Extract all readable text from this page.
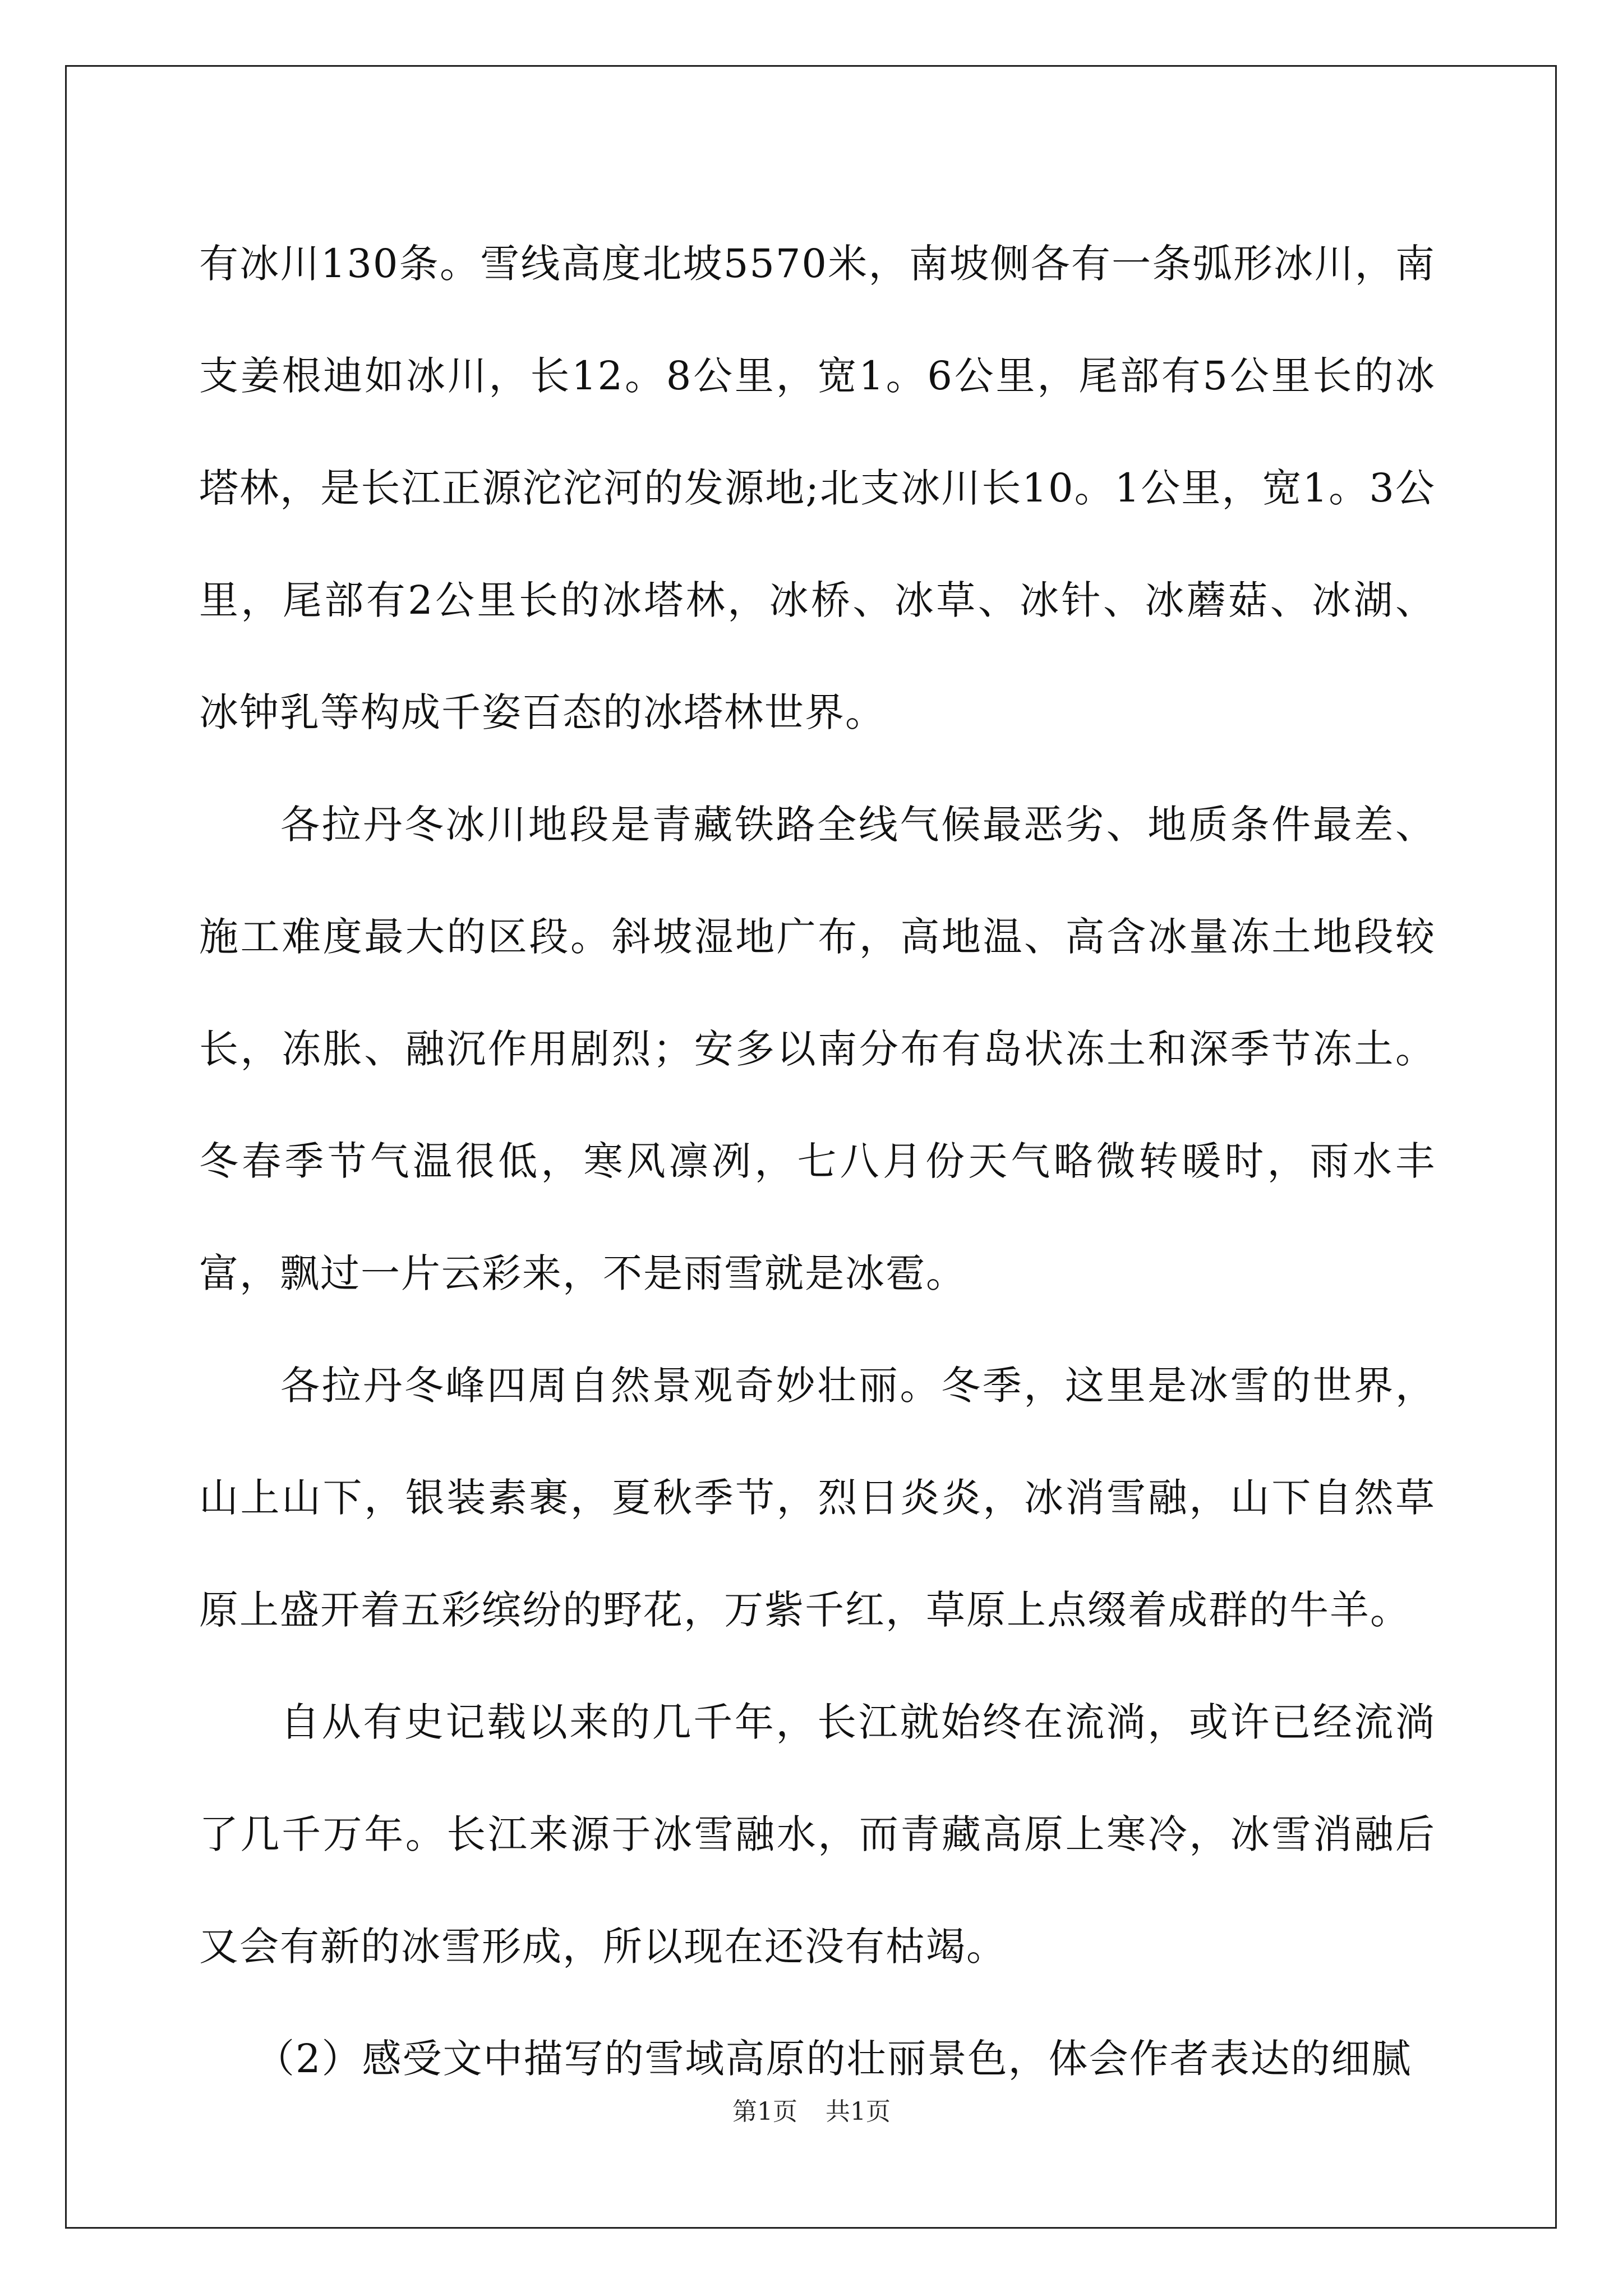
有冰川130条。雪线高度北坡5570米，南坡侧各有一条弧形冰川，南支姜根迪如冰川，长12。8公里，宽1。6公里，尾部有5公里长的冰塔林，是长江正源沱沱河的发源地;北支冰川长10。1公里，宽1。3公里，尾部有2公里长的冰塔林，冰桥、冰草、冰针、冰蘑菇、冰湖、冰钟乳等构成千姿百态的冰塔林世界。

各拉丹冬冰川地段是青藏铁路全线气候最恶劣、地质条件最差、施工难度最大的区段。斜坡湿地广布，高地温、高含冰量冻土地段较长，冻胀、融沉作用剧烈；安多以南分布有岛状冻土和深季节冻土。冬春季节气温很低，寒风凛冽，七八月份天气略微转暖时，雨水丰富，飘过一片云彩来，不是雨雪就是冰雹。

各拉丹冬峰四周自然景观奇妙壮丽。冬季，这里是冰雪的世界，山上山下，银装素裹，夏秋季节，烈日炎炎，冰消雪融，山下自然草原上盛开着五彩缤纷的野花，万紫千红，草原上点缀着成群的牛羊。

自从有史记载以来的几千年，长江就始终在流淌，或许已经流淌了几千万年。长江来源于冰雪融水，而青藏高原上寒冷，冰雪消融后又会有新的冰雪形成，所以现在还没有枯竭。

（2）感受文中描写的雪域高原的壮丽景色，体会作者表达的细腻

第1页 共1页
